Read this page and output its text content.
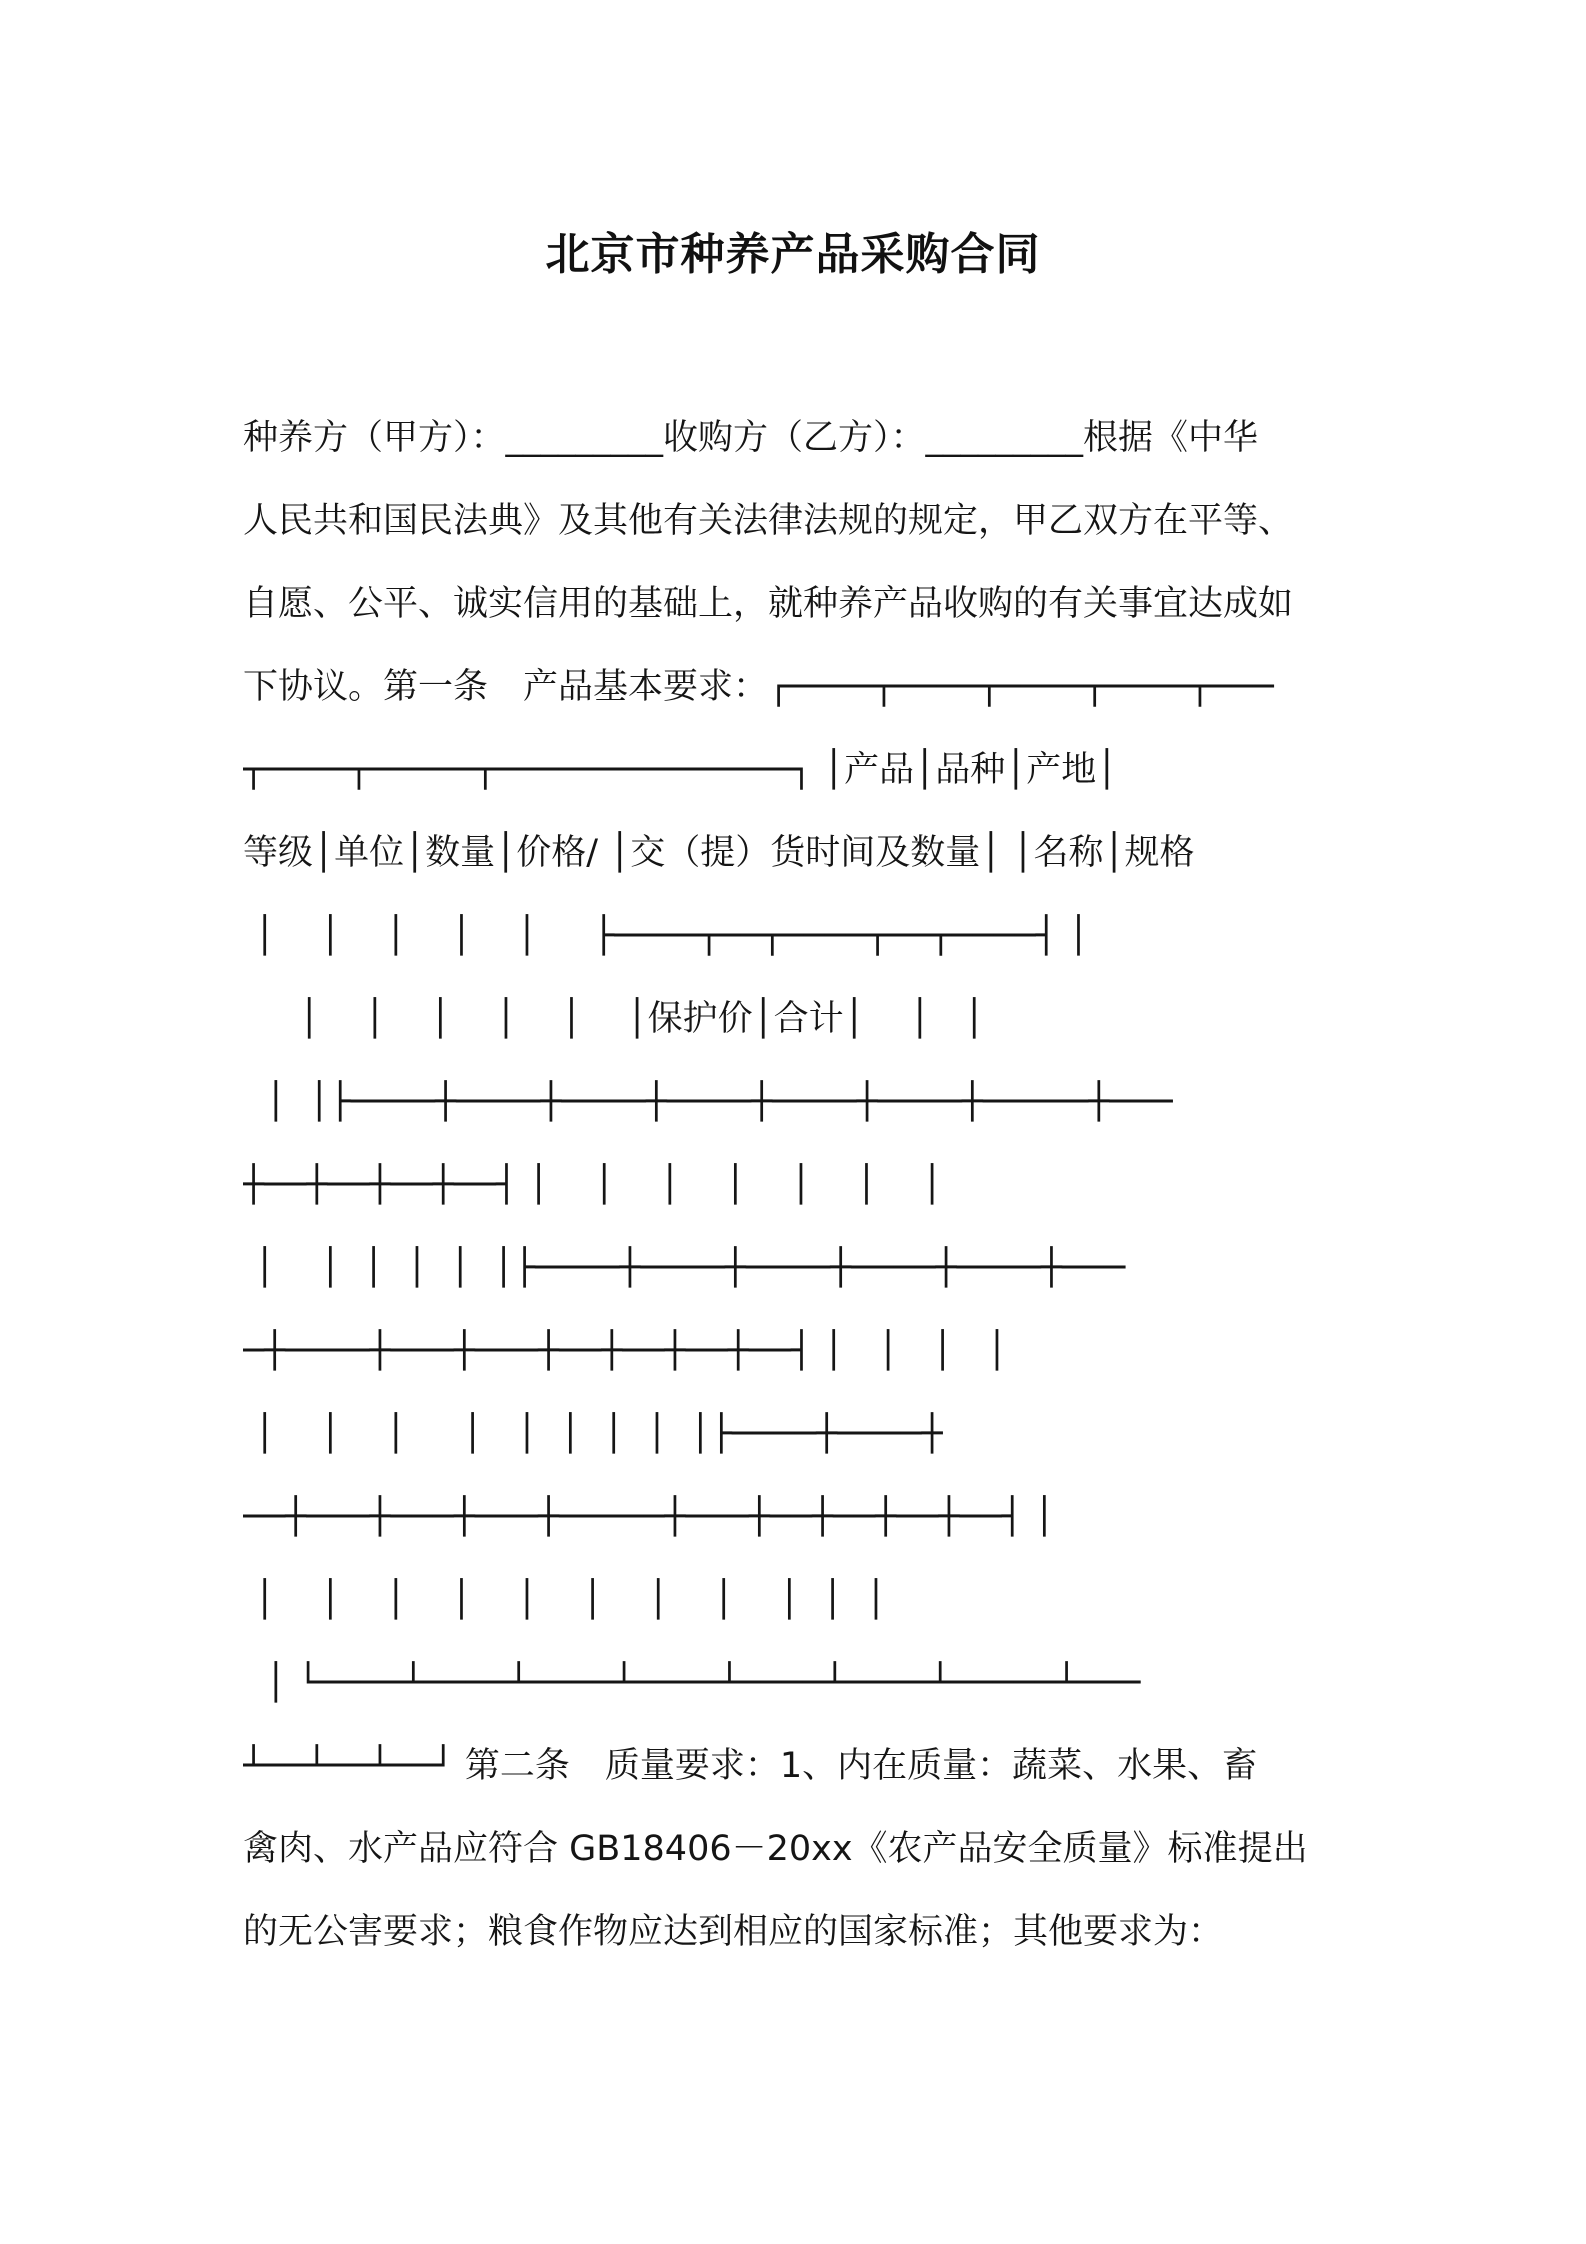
北京市种养产品采购合同
种养方（甲方）：_________收购方（乙方）：_________根据《中华
人民共和国民法典》及其他有关法律法规的规定，甲乙双方在平等、
自愿、公平、诚实信用的基础上，就种养产品收购的有关事宜达成如
下协议。第一条　产品基本要求：┌────┬────┬────┬────┬───
┬────┬─────┬──────────────┐ │产品│品种│产地│
等级│单位│数量│价格/ │交（提）货时间及数量│ │名称│规格
│    │    │    │    │     ├────┬──┬────┬──┬────┤ │
│    │    │    │    │    │保护价│合计│    │   │
│  │├────┼────┼────┼────┼────┼────┼─────┼───
┼──┼──┼──┼──┤ │    │    │    │    │    │    │
│    │  │  │  │  │├────┼────┼────┼────┼────┼───
─┼────┼───┼───┼──┼──┼──┼──┤ │   │   │   │
│    │    │     │   │  │  │  │  │├────┼────┼
──┼───┼───┼───┼─────┼───┼──┼──┼──┼──┤ │
│    │    │    │    │    │    │    │    │  │  │
│ └────┴────┴────┴────┴────┴────┴─────┴───
┴──┴──┴──┘ 第二条　质量要求：1、内在质量：蔬菜、水果、畜
禽肉、水产品应符合 GB18406－20xx《农产品安全质量》标准提出
的无公害要求；粮食作物应达到相应的国家标准；其他要求为：
